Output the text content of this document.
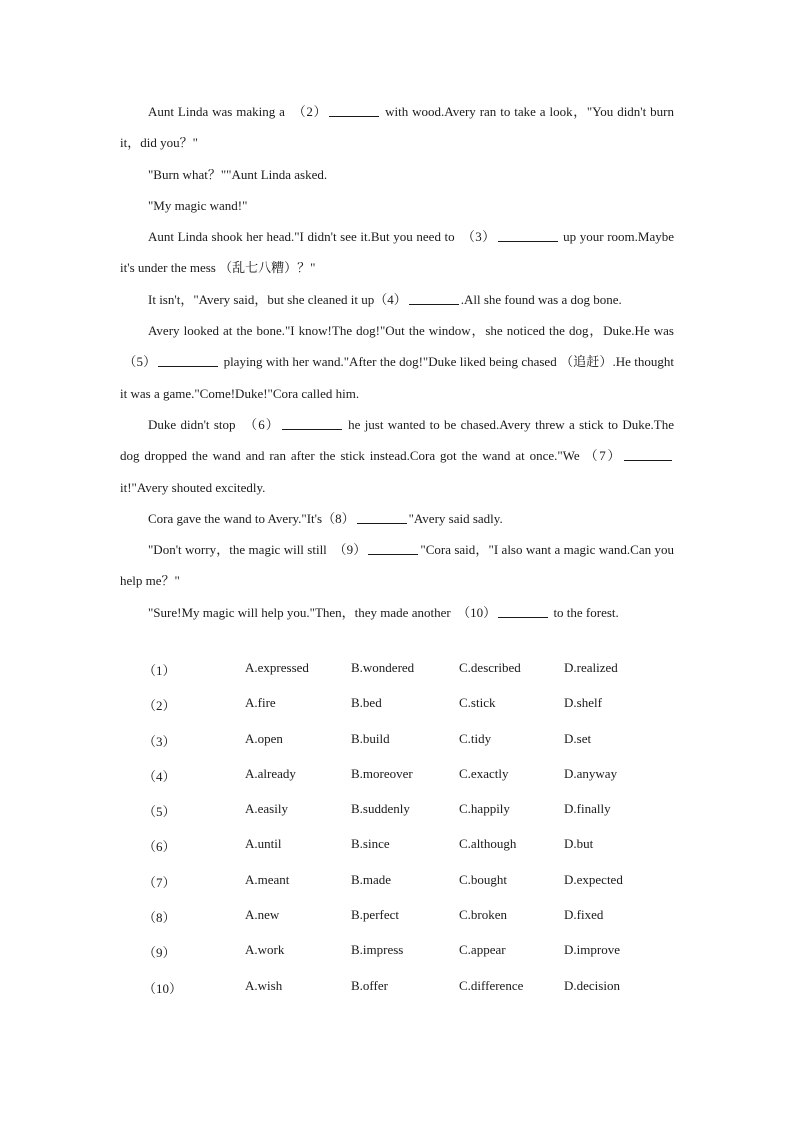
Aunt Linda was making a  （2）	with wood.Avery ran to take a look，"You didn't burn it，did you？"

"Burn what？""Aunt Linda asked.

"My magic wand!"

Aunt Linda shook her head."I didn't see it.But you need to  （3）	up your room.Maybe it's under the mess （乱七八糟）？"

It isn't，"Avery said，but she cleaned it up（4）	.All she found was a dog bone.

Avery looked at the bone."I know!The dog!"Out the window，she noticed the dog，Duke.He was  （5）	playing with her wand."After the dog!"Duke liked being chased （追赶）.He thought it was a game."Come!Duke!"Cora called him.

Duke didn't stop  （6）	he just wanted to be chased.Avery threw a stick to Duke.The dog dropped the wand and ran after the stick instead.Cora got the wand at once."We （7） it!"Avery shouted excitedly.

Cora gave the wand to Avery."It's（8）	"Avery said sadly.

"Don't worry，the magic will still  （9）	"Cora said，"I also want a magic wand.Can you help me？"

"Sure!My magic will help you."Then，they made another  （10）	to the forest.

（1）	A.expressed	B.wondered	C.described	D.realized
（2）	A.fire	B.bed	C.stick	D.shelf
（3）	A.open	B.build	C.tidy	D.set
（4）	A.already	B.moreover	C.exactly	D.anyway
（5）	A.easily	B.suddenly	C.happily	D.finally
（6）	A.until	B.since	C.although	D.but
（7）	A.meant	B.made	C.bought	D.expected
（8）	A.new	B.perfect	C.broken	D.fixed
（9）	A.work	B.impress	C.appear	D.improve
（10）	A.wish	B.offer	C.difference	D.decision
